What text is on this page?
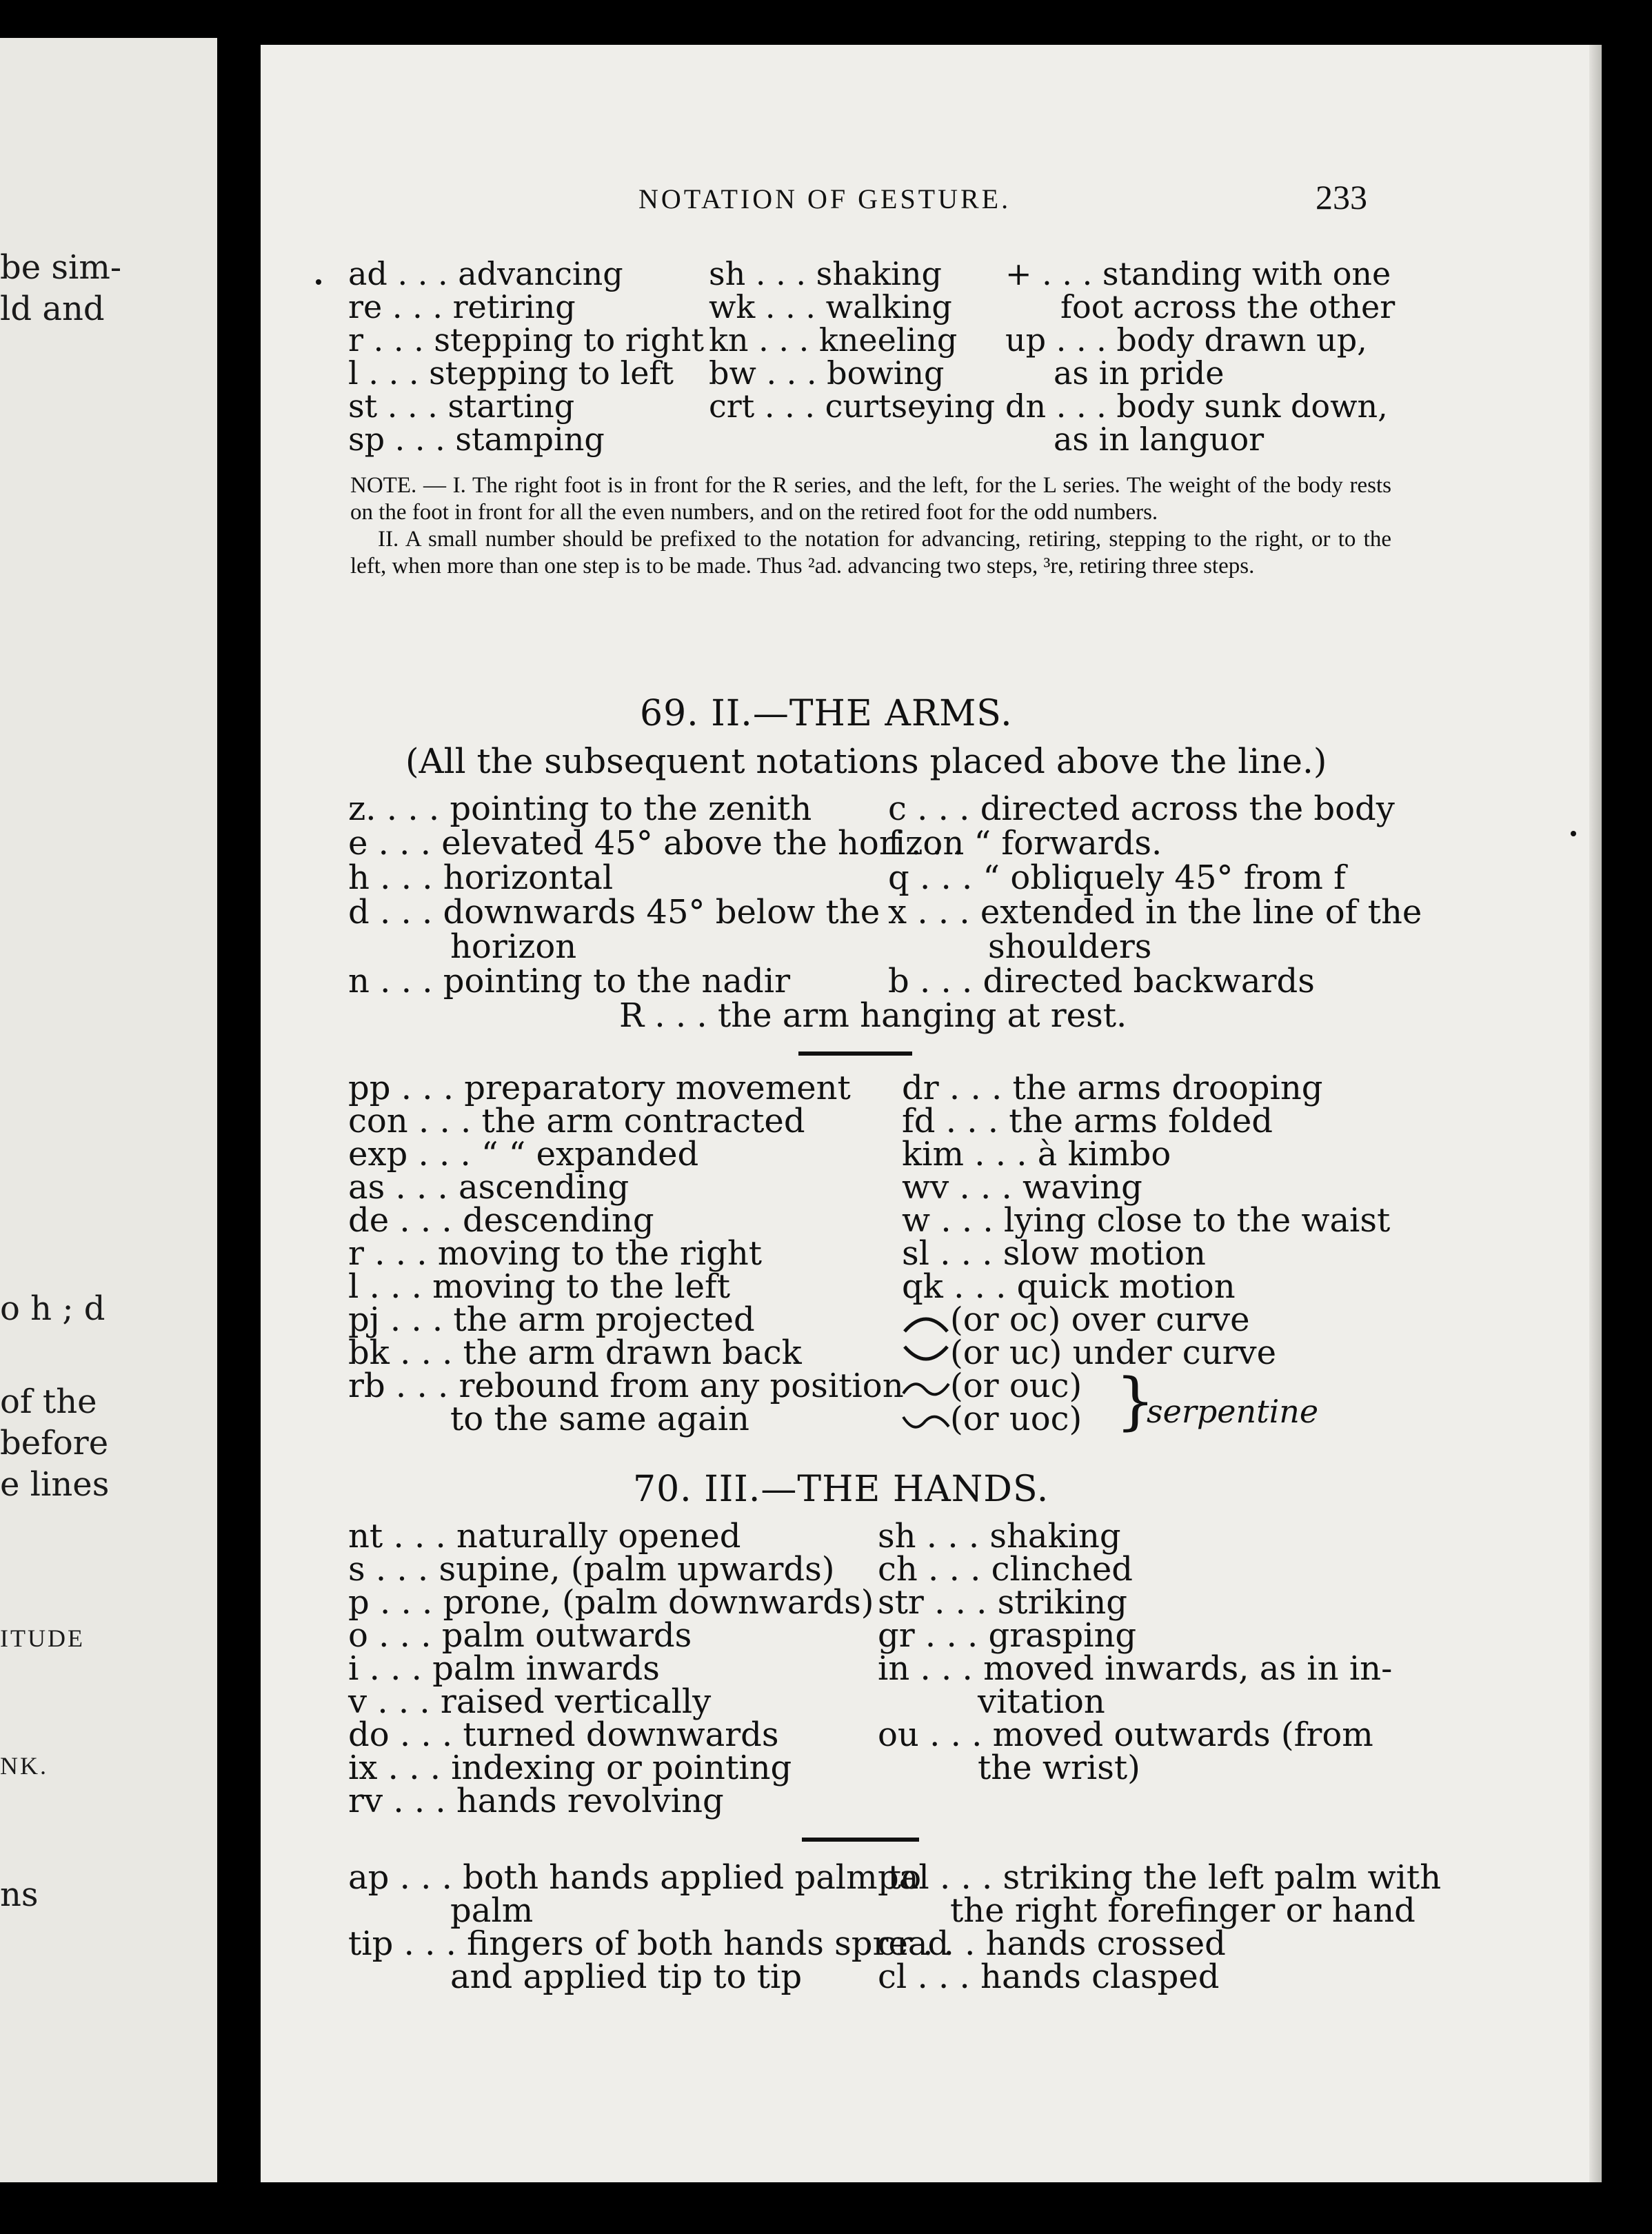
be sim-
ld and
o h ; d
of the
before
e lines
ITUDE
NK.
ns
NOTATION OF GESTURE.	233
ad . . . advancing
re . . . retiring
r . . . stepping to right
l . . . stepping to left
st . . . starting
sp . . . stamping
sh . . . shaking
wk . . . walking
kn . . . kneeling
bw . . . bowing
crt . . . curtseying
+ . . . standing with one
foot across the other
up . . . body drawn up,
as in pride
dn . . . body sunk down,
as in languor

NOTE. — I. The right foot is in front for the R series, and the left, for the L series. The weight of the body rests on the foot in front for all the even numbers, and on the retired foot for the odd numbers.

II. A small number should be prefixed to the notation for advancing, retiring, stepping to the right, or to the left, when more than one step is to be made. Thus ²ad. advancing two steps, ³re, retiring three steps.

69. II.—THE ARMS.
(All the subsequent notations placed above the line.)
z. . . . pointing to the zenith
e . . . elevated 45° above the horizon
h . . . horizontal
d . . . downwards 45° below the
horizon
n . . . pointing to the nadir
c . . . directed across the body
f . . . “ forwards.
q . . . “ obliquely 45° from f
x . . . extended in the line of the
shoulders
b . . . directed backwards
R . . . the arm hanging at rest.
pp . . . preparatory movement
con . . . the arm contracted
exp . . . “ “ expanded
as . . . ascending
de . . . descending
r . . . moving to the right
l . . . moving to the left
pj . . . the arm projected
bk . . . the arm drawn back
rb . . . rebound from any position
to the same again
dr . . . the arms drooping
fd . . . the arms folded
kim . . . à kimbo
wv . . . waving
w . . . lying close to the waist
sl . . . slow motion
qk . . . quick motion
(or oc) over curve
(or uc) under curve
(or ouc)
(or uoc) }
serpentine
70. III.—THE HANDS.
nt . . . naturally opened
s . . . supine, (palm upwards)
p . . . prone, (palm downwards)
o . . . palm outwards
i . . . palm inwards
v . . . raised vertically
do . . . turned downwards
ix . . . indexing or pointing
rv . . . hands revolving
sh . . . shaking
ch . . . clinched
str . . . striking
gr . . . grasping
in . . . moved inwards, as in in-
vitation
ou . . . moved outwards (from
the wrist)
ap . . . both hands applied palm to
palm
tip . . . fingers of both hands spread
and applied tip to tip
pal . . . striking the left palm with
the right forefinger or hand
cr . . . hands crossed
cl . . . hands clasped
